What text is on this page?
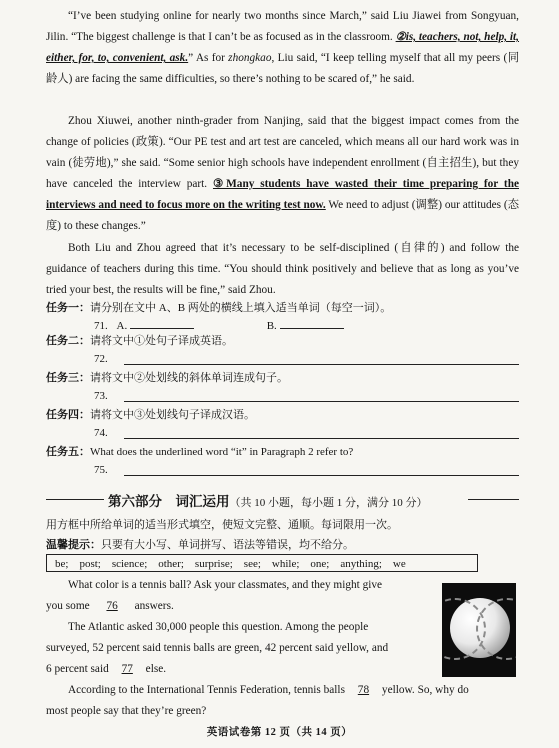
“I’ve been studying online for nearly two months since March,” said Liu Jiawei from Songyuan, Jilin. “The biggest challenge is that I can’t be as focused as in the classroom. ②is, teachers, not, help, it, either, for, to, convenient, ask.” As for zhongkao, Liu said, “I keep telling myself that all my peers (同龄人) are facing the same difficulties, so there’s nothing to be scared of,” he said.

Zhou Xiuwei, another ninth-grader from Nanjing, said that the biggest impact comes from the change of policies (政策). “Our PE test and art test are canceled, which means all our hard work was in vain (徒劳地),” she said. “Some senior high schools have independent enrollment (自主招生), but they have canceled the interview part. ③Many students have wasted their time preparing for the interviews and need to focus more on the writing test now. We need to adjust (调整) our attitudes (态度) to these changes.”

Both Liu and Zhou agreed that it’s necessary to be self-disciplined (自律的) and follow the guidance of teachers during this time. “You should think positively and believe that as long as you’ve tried your best, the results will be fine,” said Zhou.

任务一：请分别在文中 A、B 两处的横线上填入适当单词（每空一词）。
71. A.	B.
任务二：请将文中①处句子译成英语。
72.
任务三：请将文中②处划线的斜体单词连成句子。
73.
任务四：请将文中③处划线句子译成汉语。
74.
任务五：What does the underlined word “it” in Paragraph 2 refer to?
75.
第六部分　词汇运用（共 10 小题，每小题 1 分，满分 10 分）
用方框中所给单词的适当形式填空，使短文完整、通顺。每词限用一次。
温馨提示：只要有大小写、单词拼写、语法等错误，均不给分。
be; post; science; other; surprise; see; while; one; anything; we

What color is a tennis ball? Ask your classmates, and they might give

you some 76 answers.

The Atlantic asked 30,000 people this question. Among the people

surveyed, 52 percent said tennis balls are green, 42 percent said yellow, and

6 percent said 77 else.

According to the International Tennis Federation, tennis balls 78 yellow. So, why do

most people say that they’re green?

英语试卷第 12 页（共 14 页）
